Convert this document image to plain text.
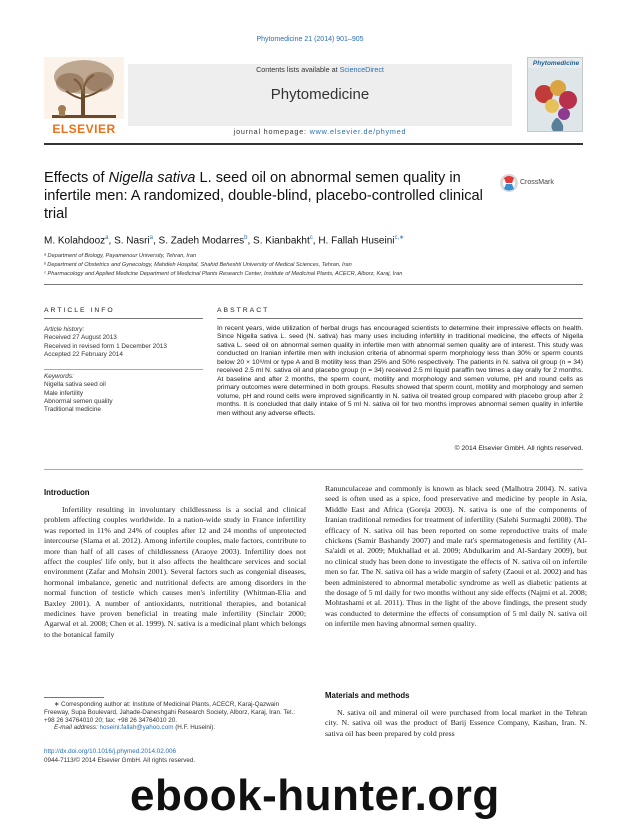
Phytomedicine 21 (2014) 901–905
ELSEVIER
Contents lists available at ScienceDirect
Phytomedicine
journal homepage: www.elsevier.de/phymed
Phytomedicine
Effects of Nigella sativa L. seed oil on abnormal semen quality in infertile men: A randomized, double-blind, placebo-controlled clinical trial
CrossMark
M. Kolahdooz$^a$, S. Nasri$^a$, S. Zadeh Modarres$^b$, S. Kianbakht$^c$, H. Fallah Huseini$^{c,∗}$
ᵃ Department of Biology, Payamenour University, Tehran, Iran
ᵇ Department of Obstetrics and Gynecology, Mahdieh Hospital, Shahid Beheshti University of Medical Sciences, Tehran, Iran
ᶜ Pharmacology and Applied Medicine Department of Medicinal Plants Research Center, Institute of Medicinal Plants, ACECR, Alborz, Karaj, Iran
ARTICLE INFO	ABSTRACT
Article history:
Received 27 August 2013
Received in revised form 1 December 2013
Accepted 22 February 2014
Keywords:
Nigella sativa seed oil
Male infertility
Abnormal semen quality
Traditional medicine
In recent years, wide utilization of herbal drugs has encouraged scientists to determine their impressive effects on health. Since Nigella sativa L. seed (N. sativa) has many uses including infertility in traditional medicine, the effects of Nigella sativa L. seed oil on abnormal semen quality in infertile men with abnormal semen quality are of interest. This study was conducted on Iranian infertile men with inclusion criteria of abnormal sperm morphology less than 30% or sperm counts below 20 × 10⁶/ml or type A and B motility less than 25% and 50% respectively. The patients in N. sativa oil group (n = 34) received 2.5 ml N. sativa oil and placebo group (n = 34) received 2.5 ml liquid paraffin two times a day orally for 2 months. At baseline and after 2 months, the sperm count, motility and morphology and semen volume, pH and round cells as primary outcomes were determined in both groups. Results showed that sperm count, motility and morphology and semen volume, pH and round cells were improved significantly in N. sativa oil treated group compared with placebo group after 2 months. It is concluded that daily intake of 5 ml N. sativa oil for two months improves abnormal semen quality in infertile men without any adverse effects.
© 2014 Elsevier GmbH. All rights reserved.
Introduction
Infertility resulting in involuntary childlessness is a social and clinical problem affecting couples worldwide. In a nation-wide study in France infertility was reported in 11% and 24% of couples after 12 and 24 months of unprotected intercourse (Slama et al. 2012). Among infertile couples, male factors, contribute to more than half of all cases of childlessness (Araoye 2003). Infertility does not affect the couples' life only, but it also affects the healthcare services and social environment (Zafar and Mohsin 2001). Several factors such as congenial diseases, hormonal imbalance, genetic and nutritional defects are among disorders in the normal function of testicle which causes men's infertility (Whitman-Elia and Baxley 2001). A number of antioxidants, nutritional therapies, and botanical medicines have proven beneficial in treating male infertility (Sinclair 2000; Agarwal et al. 2008; Chen et al. 1999). N. sativa is a medicinal plant which belongs to the botanical family
Ranunculaceae and commonly is known as black seed (Malhotra 2004). N. sativa seed is often used as a spice, food preservative and medicine by people in Asia, Middle East and Africa (Goreja 2003). N. sativa is one of the components of Iranian traditional remedies for treatment of infertility (Salehi Surmaghi 2008). The efficacy of N. sativa oil has been reported on some reproductive traits of male chickens (Samir Bashandy 2007) and male rat's spermatogenesis and fertility (Al-Sa'aidi et al. 2009; Mukhallad et al. 2009; Abdulkarim and Al-Sardary 2009), but no clinical study has been done to investigate the effects of N. sativa oil on infertile men so far. The N. sativa oil has a wide margin of safety (Zaoui et al. 2002) and has been administered to abnormal metabolic syndrome as well as diabetic patients at the dosage of 5 ml daily for two months without any side effects (Najmi et al. 2008; Mohtashami et al. 2011). Thus in the light of the above findings, the present study was conducted to determine the effects of consumption of 5 ml daily N. sativa oil on infertile men having abnormal semen quality.
Materials and methods
N. sativa oil and mineral oil were purchased from local market in the Tehran city. N. sativa oil was the product of Barij Essence Company, Kashan, Iran. N. sativa oil has been prepared by cold press
∗ Corresponding author at: Institute of Medicinal Plants, ACECR, Karaj-Qazwain Freeway, Supa Boulevard, Jahade-Daneshgahi Research Society, Alborz, Karaj, Iran. Tel.: +98 26 34764010 20; fax: +98 26 34764010 20.
E-mail address: hoseini.fallah@yahoo.com (H.F. Huseini).
http://dx.doi.org/10.1016/j.phymed.2014.02.006
0944-7113/© 2014 Elsevier GmbH. All rights reserved.
ebook-hunter.org
